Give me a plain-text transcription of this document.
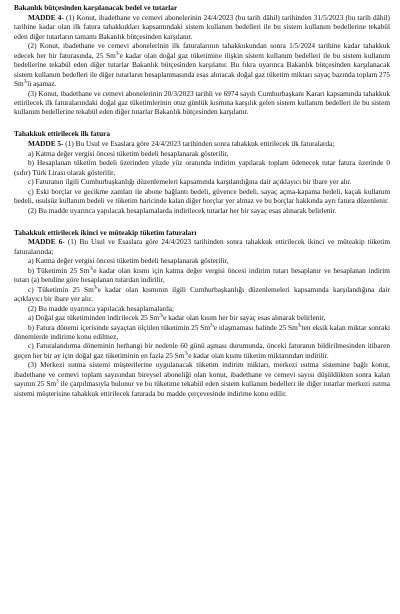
Bakanlık bütçesinden karşılanacak bedel ve tutarlar

MADDE 4- (1) Konut, ibadethane ve cemevi abonelerinin 24/4/2023 (bu tarih dâhil) tarihinden 31/5/2023 (bu tarih dâhil) tarihine kadar olan ilk fatura tahakkukları kapsamındaki sistem kullanım bedelleri ile bu sistem kullanım bedellerine tekabül eden diğer tutarların tamamı Bakanlık bütçesinden karşılanır.

(2) Konut, ibadethane ve cemevi abonelerinin ilk faturalarının tahakkukundan sonra 1/5/2024 tarihine kadar tahakkuk edecek her bir faturasında, 25 Sm$^3$'e kadar olan doğal gaz tüketimine ilişkin sistem kullanım bedelleri ile bu sistem kullanım bedellerine tekabül eden diğer tutarlar Bakanlık bütçesinden karşılanır. Bu fıkra uyarınca Bakanlık bütçesinden karşılanacak sistem kullanım bedelleri ile diğer tutarların hesaplanmasında esas alınacak doğal gaz tüketim miktarı sayaç bazında toplam 275 Sm$^3$'ü aşamaz.

(3) Konut, ibadethane ve cemevi abonelerinin 20/3/2023 tarihli ve 6974 sayılı Cumhurbaşkanı Kararı kapsamında tahakkuk ettirilecek ilk faturalarındaki doğal gaz tüketimlerinin otuz günlük kısmına karşılık gelen sistem kullanım bedelleri ile bu sistem kullanım bedellerine tekabül eden diğer tutarlar Bakanlık bütçesinden karşılanır.

Tahakkuk ettirilecek ilk fatura

MADDE 5- (1) Bu Usul ve Esaslara göre 24/4/2023 tarihinden sonra tahakkuk ettirilecek ilk faturalarda;

a) Katma değer vergisi öncesi tüketim bedeli hesaplanarak gösterilir,

b) Hesaplanan tüketim bedeli üzerinden yüzde yüz oranında indirim yapılarak toplam ödenecek tutar fatura üzerinde 0 (sıfır) Türk Lirası olarak gösterilir,

c) Faturanın ilgili Cumhurbaşkanlığı düzenlemeleri kapsamında karşılandığına dair açıklayıcı bir ibare yer alır.

ç) Eski borçlar ve gecikme zamları ile abone bağlantı bedeli, güvence bedeli, sayaç açma-kapama bedeli, kaçak kullanım bedeli, usulsüz kullanım bedeli ve tüketim haricinde kalan diğer borçlar yer almaz ve bu borçlar hakkında ayrı fatura düzenlenir.

(2) Bu madde uyarınca yapılacak hesaplamalarda indirilecek tutarlar her bir sayaç esas alınarak belirlenir.

Tahakkuk ettirilecek ikinci ve müteakip tüketim faturaları

MADDE 6- (1) Bu Usul ve Esaslara göre 24/4/2023 tarihinden sonra tahakkuk ettirilecek ikinci ve müteakip tüketim faturalarında;

a) Katma değer vergisi öncesi tüketim bedeli hesaplanarak gösterilir,

b) Tüketimin 25 Sm$^3$'e kadar olan kısmı için katma değer vergisi öncesi indirim tutarı hesaplanır ve hesaplanan indirim tutarı (a) bendine göre hesaplanan tutardan indirilir,

c) Tüketimin 25 Sm$^3$'e kadar olan kısmının ilgili Cumhurbaşkanlığı düzenlemeleri kapsamında karşılandığına dair açıklayıcı bir ibare yer alır.

(2) Bu madde uyarınca yapılacak hesaplamalarda;

a) Doğal gaz tüketiminden indirilecek 25 Sm$^3$'e kadar olan kısım her bir sayaç esas alınarak belirlenir,

b) Fatura dönemi içerisinde sayaçtan ölçülen tüketimin 25 Sm$^3$'e ulaşmaması halinde 25 Sm$^3$'ten eksik kalan miktar sonraki dönemlerde indirime konu edilmez,

c) Faturalandırma döneminin herhangi bir nedenle 60 günü aşması durumunda, önceki faturanın bildirilmesinden itibaren geçen her bir ay için doğal gaz tüketiminin en fazla 25 Sm$^3$'e kadar olan kısmı tüketim miktarından indirilir.

(3) Merkezi ısıtma sistemi müşterilerine uygulanacak tüketim indirim miktarı, merkezi ısıtma sistemine bağlı konut, ibadethane ve cemevi toplam sayısından bireysel aboneliği olan konut, ibadethane ve cemevi sayısı düşüldükten sonra kalan sayının 25 Sm$^3$ ile çarpılmasıyla bulunur ve bu tüketime tekabül eden sistem kullanım bedelleri ile diğer tutarlar merkezi ısıtma sistemi müşterisine tahakkuk ettirilecek faturada bu madde çerçevesinde indirime konu edilir.
